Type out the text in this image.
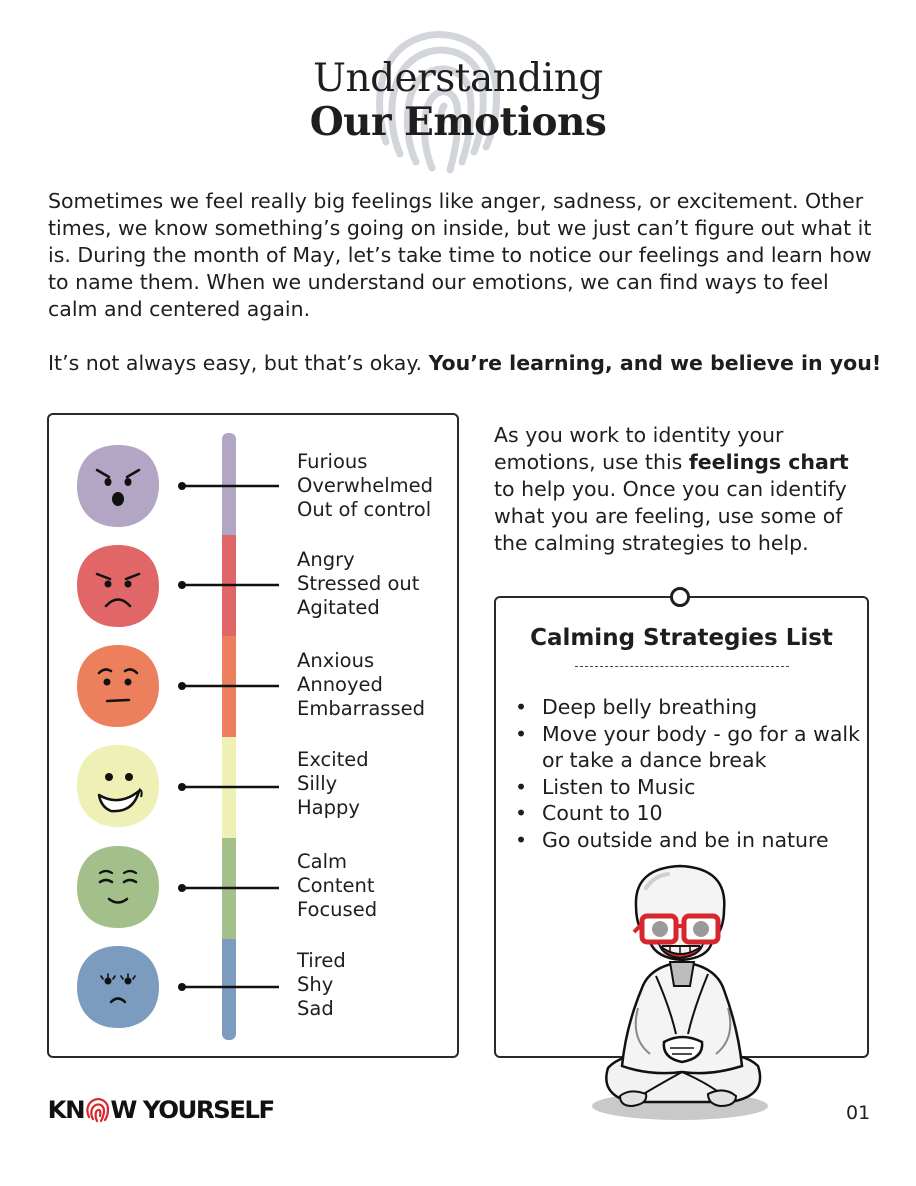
Understanding
Our Emotions

Sometimes we feel really big feelings like anger, sadness, or excitement. Other times, we know something’s going on inside, but we just can’t figure out what it is. During the month of May, let’s take time to notice our feelings and learn how to name them. When we understand our emotions, we can find ways to feel calm and centered again.

It’s not always easy, but that’s okay. You’re learning, and we believe in you!

Furious
Overwhelmed
Out of control
Angry
Stressed out
Agitated
Anxious
Annoyed
Embarrassed
Excited
Silly
Happy
Calm
Content
Focused
Tired
Shy
Sad

As you work to identity your emotions, use this feelings chart to help you. Once you can identify what you are feeling, use some of the calming strategies to help.

Calming Strategies List
• Deep belly breathing
• Move your body - go for a walk or take a dance break
• Listen to Music
• Count to 10
• Go outside and be in nature
KN W YOURSELF	01
